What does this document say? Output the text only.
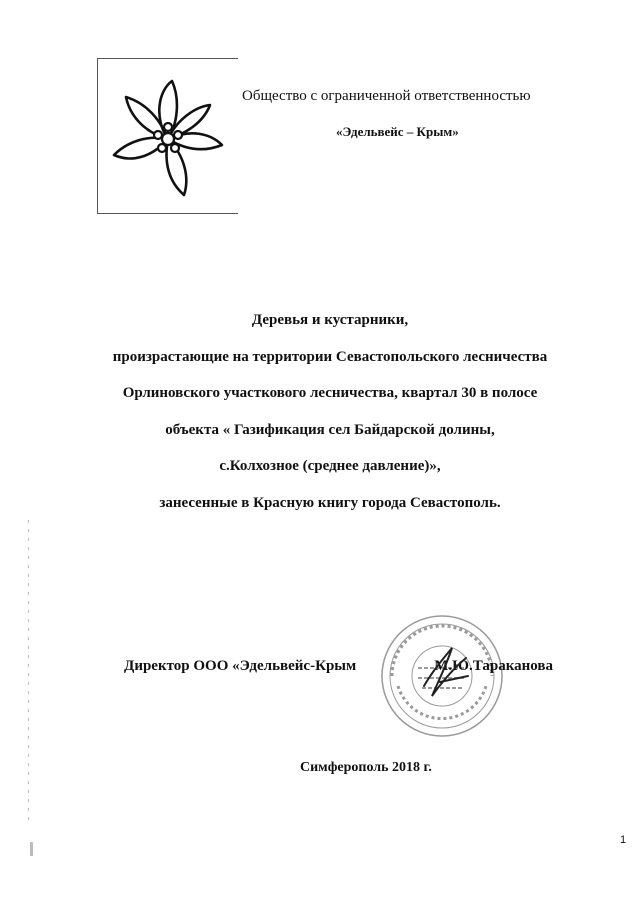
Общество с ограниченной ответственностью
«Эдельвейс – Крым»
Деревья и кустарники,
произрастающие на территории Севастопольского лесничества
Орлиновского участкового лесничества, квартал 30 в полосе
объекта « Газификация сел Байдарской долины,
с.Колхозное (среднее давление)»,
занесенные в Красную книгу города Севастополь.
Директор ООО «Эдельвейс-Крым	М.Ю.Тараканова
Симферополь 2018 г.
1
